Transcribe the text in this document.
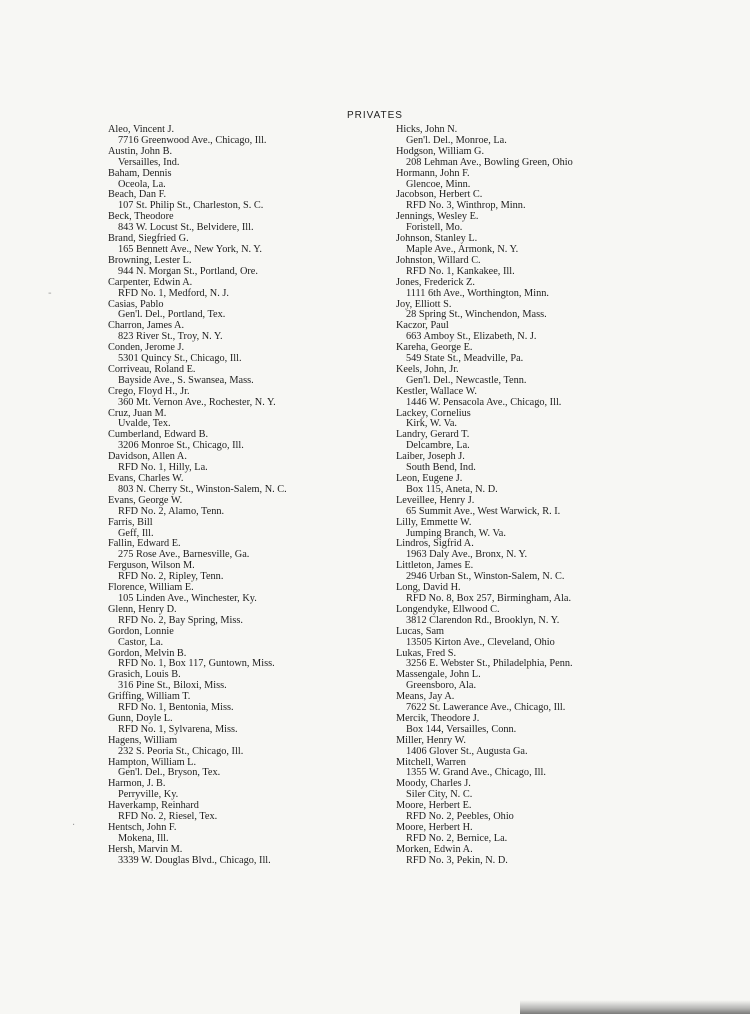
PRIVATES
Aleo, Vincent J.
7716 Greenwood Ave., Chicago, Ill.
Austin, John B.
Versailles, Ind.
Baham, Dennis
Oceola, La.
Beach, Dan F.
107 St. Philip St., Charleston, S. C.
Beck, Theodore
843 W. Locust St., Belvidere, Ill.
Brand, Siegfried G.
165 Bennett Ave., New York, N. Y.
Browning, Lester L.
944 N. Morgan St., Portland, Ore.
Carpenter, Edwin A.
RFD No. 1, Medford, N. J.
Casias, Pablo
Gen'l. Del., Portland, Tex.
Charron, James A.
823 River St., Troy, N. Y.
Conden, Jerome J.
5301 Quincy St., Chicago, Ill.
Corriveau, Roland E.
Bayside Ave., S. Swansea, Mass.
Crego, Floyd H., Jr.
360 Mt. Vernon Ave., Rochester, N. Y.
Cruz, Juan M.
Uvalde, Tex.
Cumberland, Edward B.
3206 Monroe St., Chicago, Ill.
Davidson, Allen A.
RFD No. 1, Hilly, La.
Evans, Charles W.
803 N. Cherry St., Winston-Salem, N. C.
Evans, George W.
RFD No. 2, Alamo, Tenn.
Farris, Bill
Geff, Ill.
Fallin, Edward E.
275 Rose Ave., Barnesville, Ga.
Ferguson, Wilson M.
RFD No. 2, Ripley, Tenn.
Florence, William E.
105 Linden Ave., Winchester, Ky.
Glenn, Henry D.
RFD No. 2, Bay Spring, Miss.
Gordon, Lonnie
Castor, La.
Gordon, Melvin B.
RFD No. 1, Box 117, Guntown, Miss.
Grasich, Louis B.
316 Pine St., Biloxi, Miss.
Griffing, William T.
RFD No. 1, Bentonia, Miss.
Gunn, Doyle L.
RFD No. 1, Sylvarena, Miss.
Hagens, William
232 S. Peoria St., Chicago, Ill.
Hampton, William L.
Gen'l. Del., Bryson, Tex.
Harmon, J. B.
Perryville, Ky.
Haverkamp, Reinhard
RFD No. 2, Riesel, Tex.
Hentsch, John F.
Mokena, Ill.
Hersh, Marvin M.
3339 W. Douglas Blvd., Chicago, Ill.
Hicks, John N.
Gen'l. Del., Monroe, La.
Hodgson, William G.
208 Lehman Ave., Bowling Green, Ohio
Hormann, John F.
Glencoe, Minn.
Jacobson, Herbert C.
RFD No. 3, Winthrop, Minn.
Jennings, Wesley E.
Foristell, Mo.
Johnson, Stanley L.
Maple Ave., Armonk, N. Y.
Johnston, Willard C.
RFD No. 1, Kankakee, Ill.
Jones, Frederick Z.
1111 6th Ave., Worthington, Minn.
Joy, Elliott S.
28 Spring St., Winchendon, Mass.
Kaczor, Paul
663 Amboy St., Elizabeth, N. J.
Kareha, George E.
549 State St., Meadville, Pa.
Keels, John, Jr.
Gen'l. Del., Newcastle, Tenn.
Kestler, Wallace W.
1446 W. Pensacola Ave., Chicago, Ill.
Lackey, Cornelius
Kirk, W. Va.
Landry, Gerard T.
Delcambre, La.
Laiber, Joseph J.
South Bend, Ind.
Leon, Eugene J.
Box 115, Aneta, N. D.
Leveillee, Henry J.
65 Summit Ave., West Warwick, R. I.
Lilly, Emmette W.
Jumping Branch, W. Va.
Lindros, Sigfrid A.
1963 Daly Ave., Bronx, N. Y.
Littleton, James E.
2946 Urban St., Winston-Salem, N. C.
Long, David H.
RFD No. 8, Box 257, Birmingham, Ala.
Longendyke, Ellwood C.
3812 Clarendon Rd., Brooklyn, N. Y.
Lucas, Sam
13505 Kirton Ave., Cleveland, Ohio
Lukas, Fred S.
3256 E. Webster St., Philadelphia, Penn.
Massengale, John L.
Greensboro, Ala.
Means, Jay A.
7622 St. Lawerance Ave., Chicago, Ill.
Mercik, Theodore J.
Box 144, Versailles, Conn.
Miller, Henry W.
1406 Glover St., Augusta Ga.
Mitchell, Warren
1355 W. Grand Ave., Chicago, Ill.
Moody, Charles J.
Siler City, N. C.
Moore, Herbert E.
RFD No. 2, Peebles, Ohio
Moore, Herbert H.
RFD No. 2, Bernice, La.
Morken, Edwin A.
RFD No. 3, Pekin, N. D.
-
·
